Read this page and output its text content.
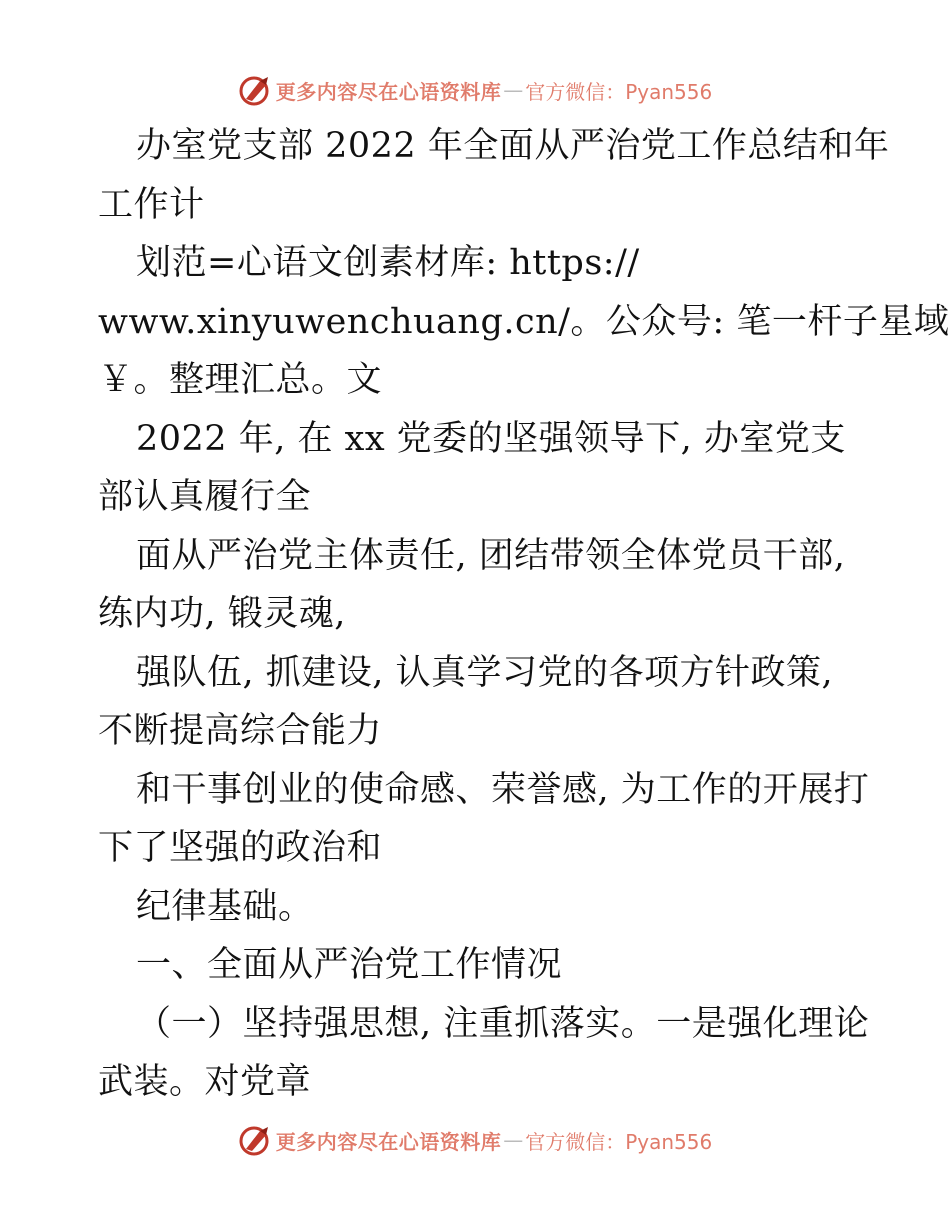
更多内容尽在心语资料库 — 官方微信：Pyan556
办室党支部 2022 年全面从严治党工作总结和年
工作计
划范=心语文创素材库: https://
www.xinyuwenchuang.cn/。公众号: 笔一杆子星域
￥。整理汇总。文
2022 年, 在 xx 党委的坚强领导下, 办室党支
部认真履行全
面从严治党主体责任, 团结带领全体党员干部,
练内功, 锻灵魂,
强队伍, 抓建设, 认真学习党的各项方针政策,
不断提高综合能力
和干事创业的使命感、荣誉感, 为工作的开展打
下了坚强的政治和
纪律基础。
一、全面从严治党工作情况
（一）坚持强思想, 注重抓落实。一是强化理论
武装。对党章
更多内容尽在心语资料库 — 官方微信：Pyan556
